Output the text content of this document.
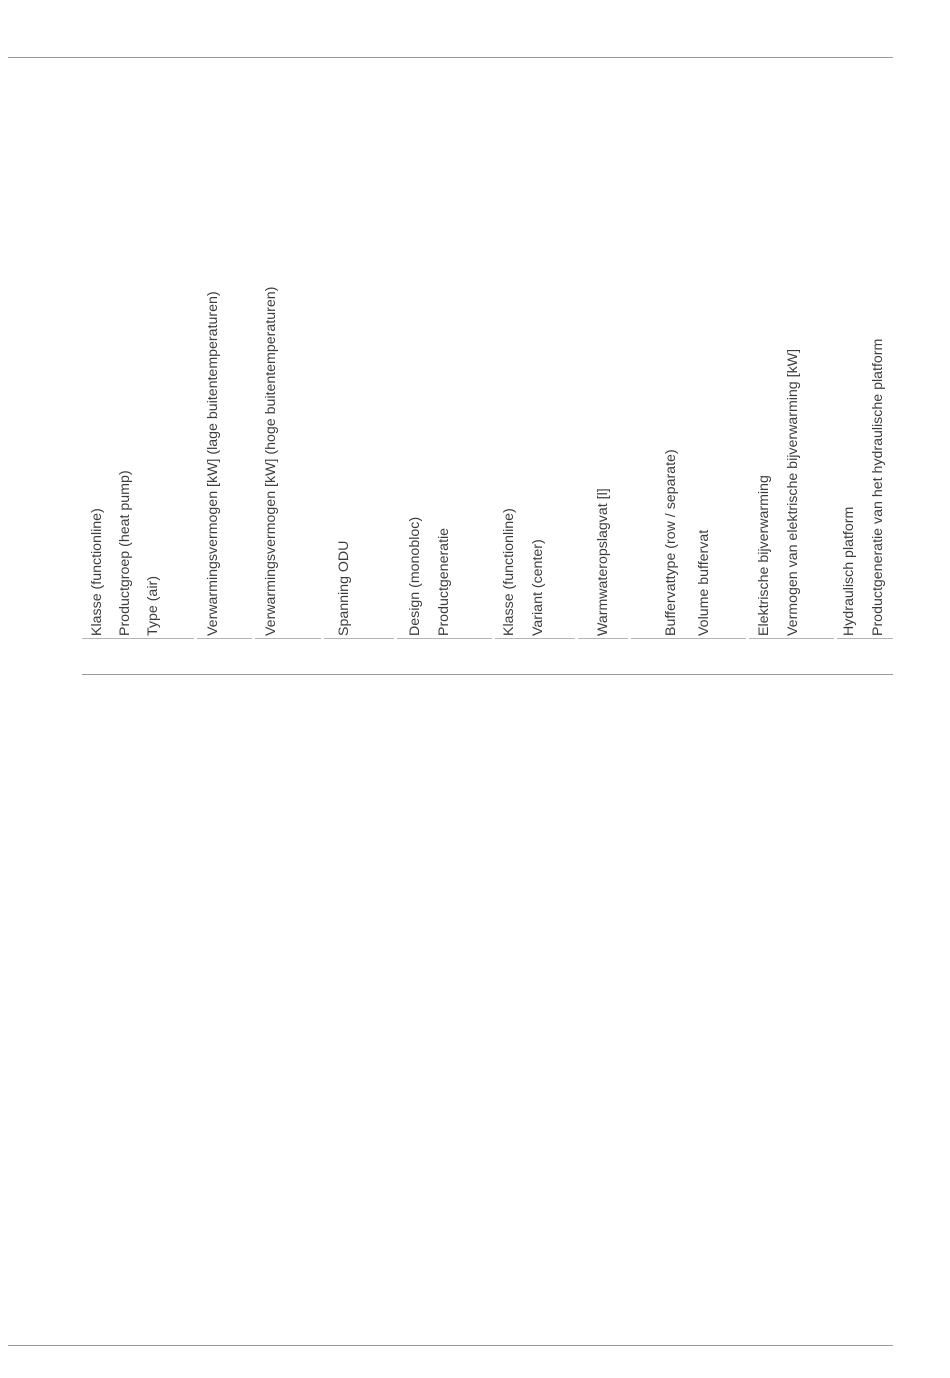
Klasse (functionline) Productgroep (heat pump) Type (air)	Verwarmingsvermogen [kW] (lage buitentemperaturen)	Verwarmingsvermogen [kW] (hoge buitentemperaturen)	Spanning ODU	Design (monobloc) Productgeneratie	Klasse (functionline) Variant (center)	Warmwateropslagvat [l]	Buffervattype (row / separate) Volume buffervat	Elektrische bijverwarming Vermogen van elektrische bijverwarming [kW]	Hydraulisch platform Productgeneratie van het hydraulische platform
